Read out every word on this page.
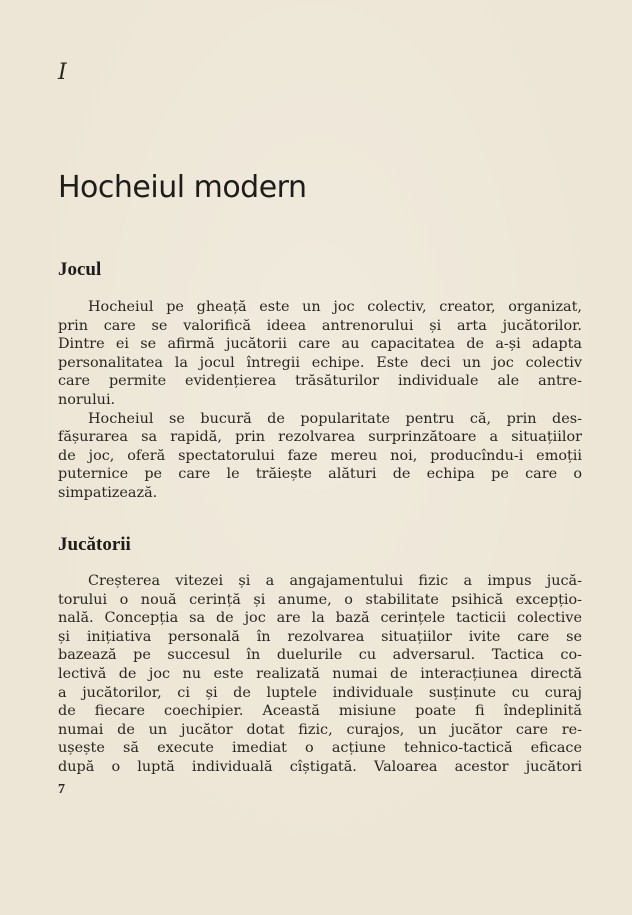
I

Hocheiul modern
Jocul
Hocheiul pe gheață este un joc colectiv, creator, organizat,
prin care se valorifică ideea antrenorului și arta jucătorilor.
Dintre ei se afirmă jucătorii care au capacitatea de a-și adapta
personalitatea la jocul întregii echipe. Este deci un joc colectiv
care permite evidențierea trăsăturilor individuale ale antre-
norului.
Hocheiul se bucură de popularitate pentru că, prin des-
fășurarea sa rapidă, prin rezolvarea surprinzătoare a situațiilor
de joc, oferă spectatorului faze mereu noi, producîndu-i emoții
puternice pe care le trăiește alături de echipa pe care o
simpatizează.
Jucătorii
Creșterea vitezei și a angajamentului fizic a impus jucă-
torului o nouă cerință și anume, o stabilitate psihică excepțio-
nală. Concepția sa de joc are la bază cerințele tacticii colective
și inițiativa personală în rezolvarea situațiilor ivite care se
bazează pe succesul în duelurile cu adversarul. Tactica co-
lectivă de joc nu este realizată numai de interacțiunea directă
a jucătorilor, ci și de luptele individuale susținute cu curaj
de fiecare coechipier. Această misiune poate fi îndeplinită
numai de un jucător dotat fizic, curajos, un jucător care re-
ușește să execute imediat o acțiune tehnico-tactică eficace
după o luptă individuală cîștigată. Valoarea acestor jucători

7
